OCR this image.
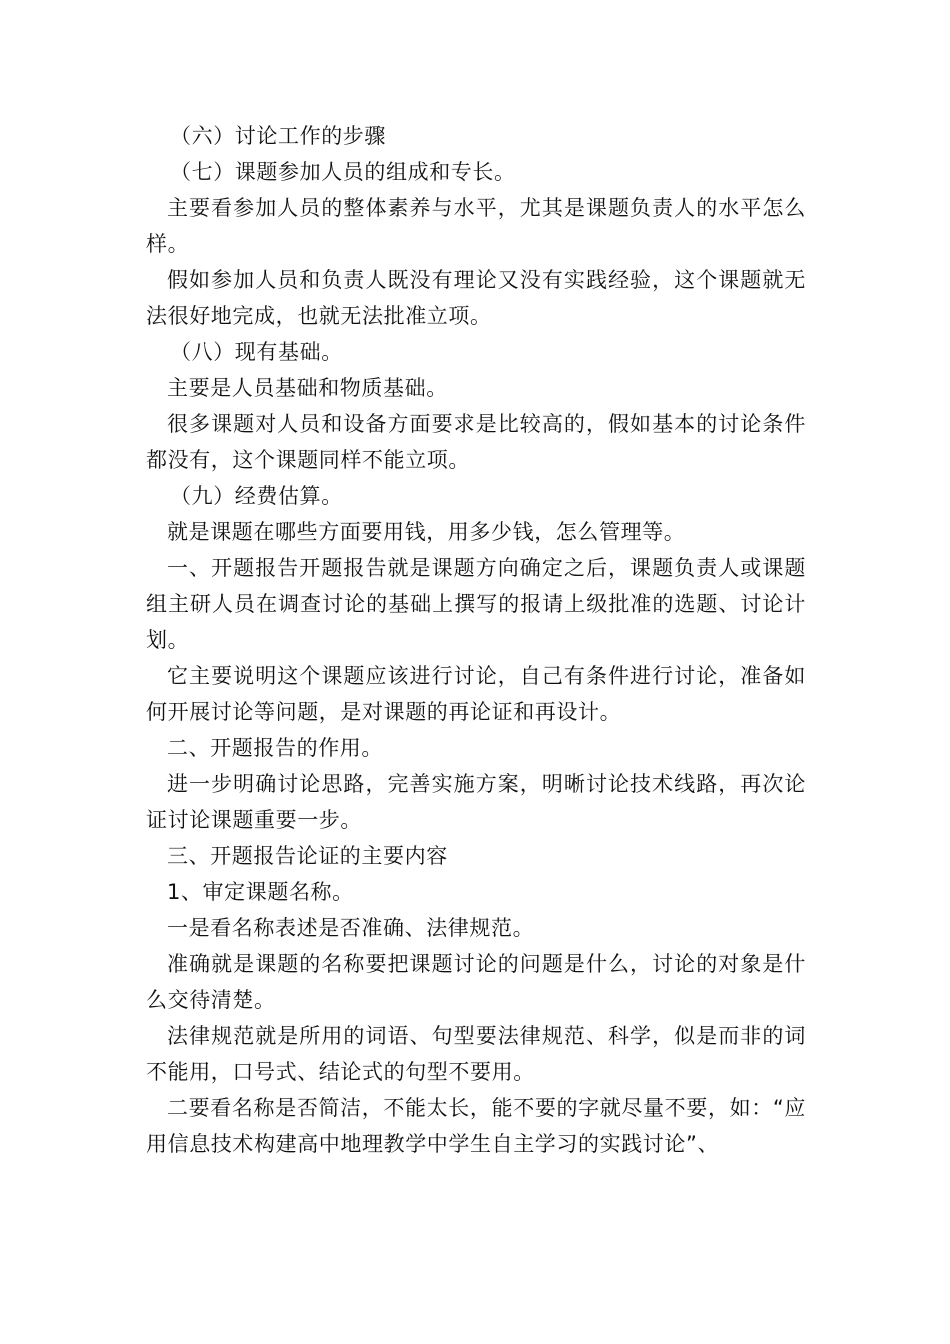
（六）讨论工作的步骤

（七）课题参加人员的组成和专长。

主要看参加人员的整体素养与水平，尤其是课题负责人的水平怎么样。

假如参加人员和负责人既没有理论又没有实践经验，这个课题就无法很好地完成，也就无法批准立项。

（八）现有基础。

主要是人员基础和物质基础。

很多课题对人员和设备方面要求是比较高的，假如基本的讨论条件都没有，这个课题同样不能立项。

（九）经费估算。

就是课题在哪些方面要用钱，用多少钱，怎么管理等。

一、开题报告开题报告就是课题方向确定之后，课题负责人或课题组主研人员在调查讨论的基础上撰写的报请上级批准的选题、讨论计划。

它主要说明这个课题应该进行讨论，自己有条件进行讨论，准备如何开展讨论等问题，是对课题的再论证和再设计。

二、开题报告的作用。

进一步明确讨论思路，完善实施方案，明晰讨论技术线路，再次论证讨论课题重要一步。

三、开题报告论证的主要内容

1、审定课题名称。

一是看名称表述是否准确、法律规范。

准确就是课题的名称要把课题讨论的问题是什么，讨论的对象是什么交待清楚。

法律规范就是所用的词语、句型要法律规范、科学，似是而非的词不能用，口号式、结论式的句型不要用。

二要看名称是否简洁，不能太长，能不要的字就尽量不要，如：“应用信息技术构建高中地理教学中学生自主学习的实践讨论”、
